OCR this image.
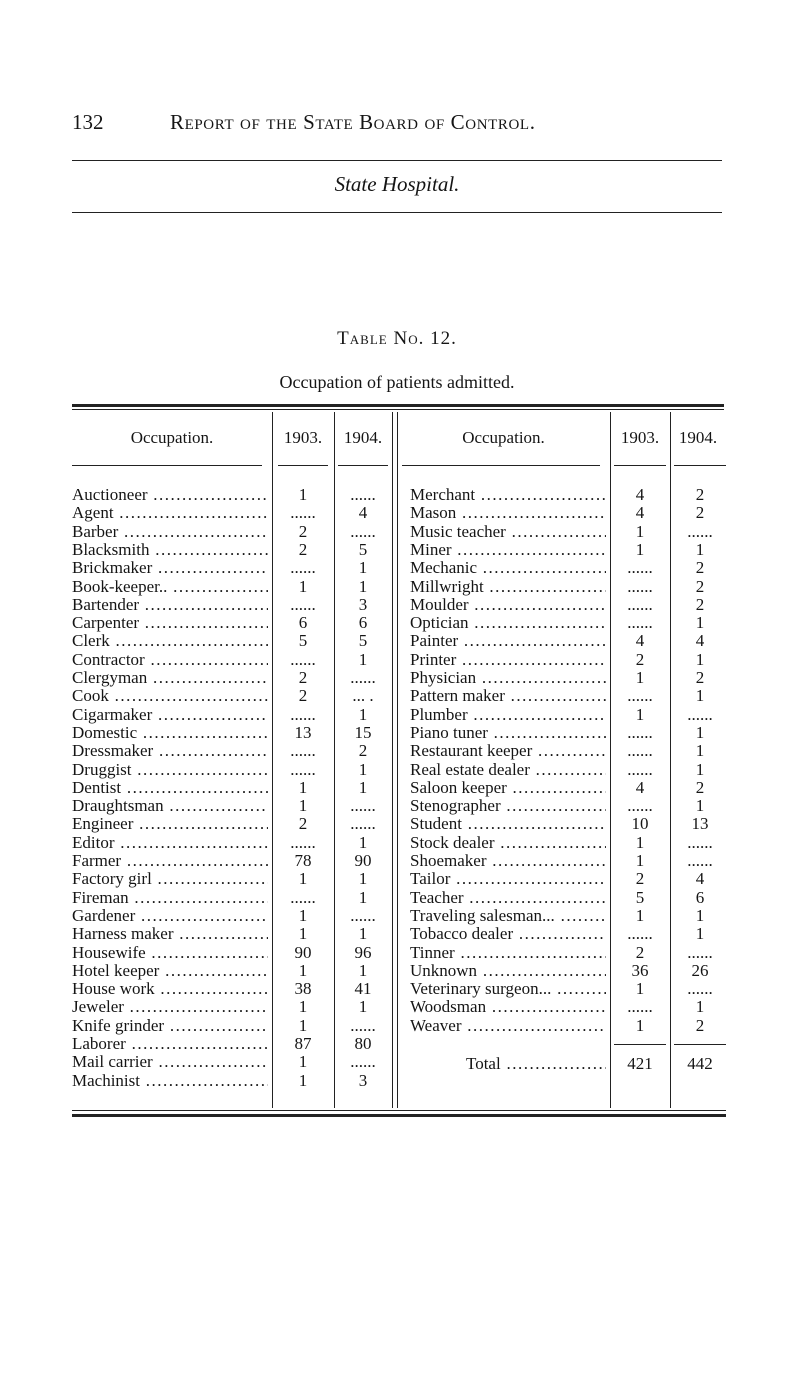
132	Report of the State Board of Control.
State Hospital.
Table No. 12.
Occupation of patients admitted.
Occupation.	1903.	1904.	Occupation.	1903.	1904.
Auctioneer .....	1	......
Agent .....	......	4
Barber .....	2	......
Blacksmith .....	2	5
Brickmaker .....	......	1
Book-keeper.. .....	1	1
Bartender .....	......	3
Carpenter .....	6	6
Clerk .....	5	5
Contractor .....	......	1
Clergyman .....	2	......
Cook .....	2	... .
Cigarmaker .....	......	1
Domestic .....	13	15
Dressmaker .....	......	2
Druggist .....	......	1
Dentist .....	1	1
Draughtsman .....	1	......
Engineer .....	2	......
Editor .....	......	1
Farmer .....	78	90
Factory girl .....	1	1
Fireman .....	......	1
Gardener .....	1	......
Harness maker .....	1	1
Housewife .....	90	96
Hotel keeper .....	1	1
House work .....	38	41
Jeweler .....	1	1
Knife grinder .....	1	......
Laborer .....	87	80
Mail carrier .....	1	......
Machinist .....	1	3
Merchant .....	4	2
Mason .....	4	2
Music teacher .....	1	......
Miner .....	1	1
Mechanic .....	......	2
Millwright .....	......	2
Moulder .....	......	2
Optician .....	......	1
Painter .....	4	4
Printer .....	2	1
Physician .....	1	2
Pattern maker .....	......	1
Plumber .....	1	......
Piano tuner .....	......	1
Restaurant keeper .....	......	1
Real estate dealer .....	......	1
Saloon keeper .....	4	2
Stenographer .....	......	1
Student .....	10	13
Stock dealer .....	1	......
Shoemaker .....	1	......
Tailor .....	2	4
Teacher .....	5	6
Traveling salesman... .....	1	1
Tobacco dealer .....	......	1
Tinner .....	2	......
Unknown .....	36	26
Veterinary surgeon... .....	1	......
Woodsman .....	......	1
Weaver .....	1	2
Total .....	421	442
